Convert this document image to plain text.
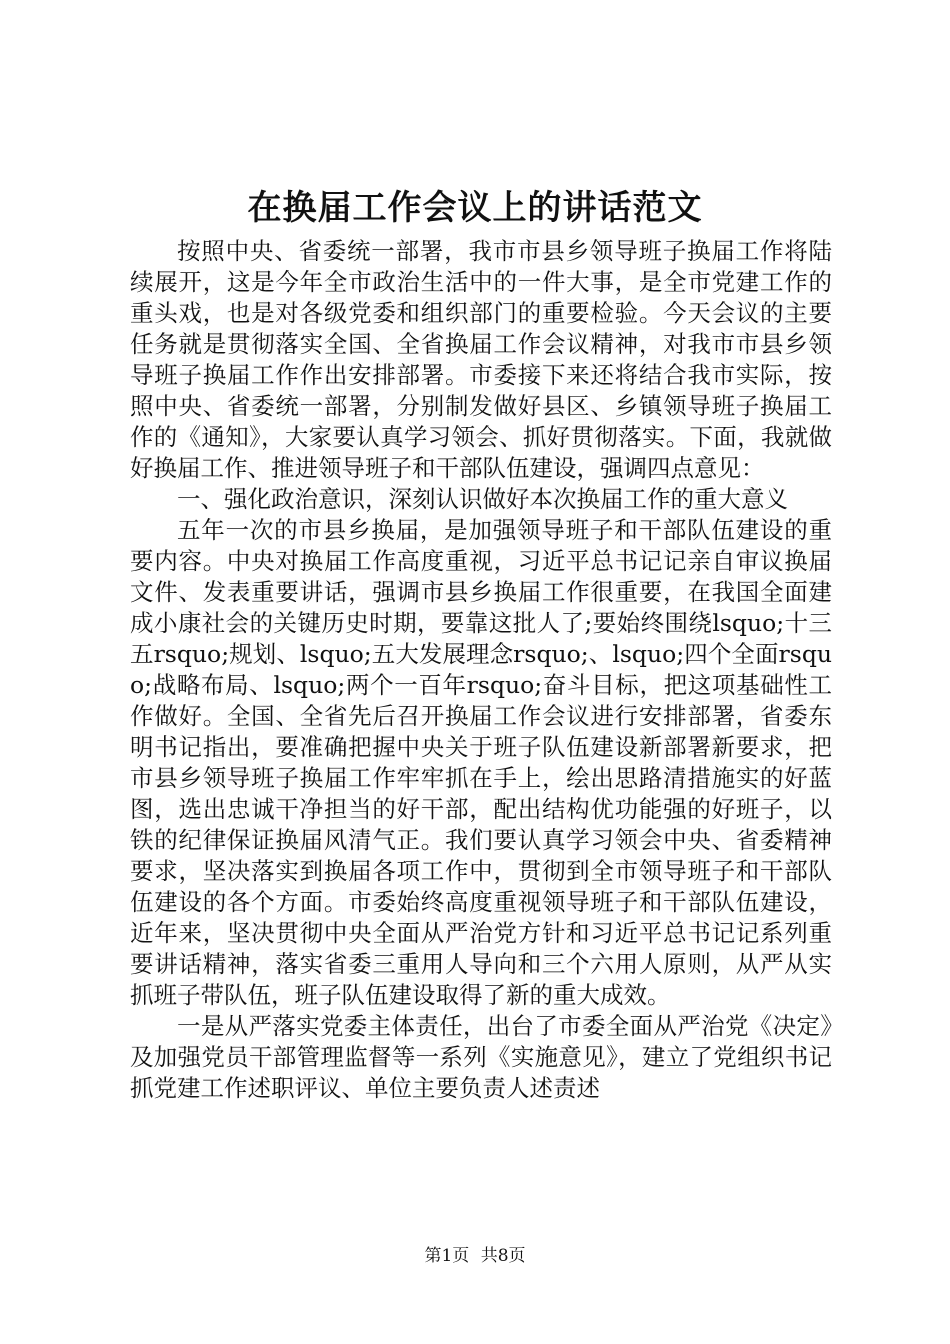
在换届工作会议上的讲话范文

按照中央、省委统一部署，我市市县乡领导班子换届工作将陆续展开，这是今年全市政治生活中的一件大事，是全市党建工作的重头戏，也是对各级党委和组织部门的重要检验。今天会议的主要任务就是贯彻落实全国、全省换届工作会议精神，对我市市县乡领导班子换届工作作出安排部署。市委接下来还将结合我市实际，按照中央、省委统一部署，分别制发做好县区、乡镇领导班子换届工作的《通知》，大家要认真学习领会、抓好贯彻落实。下面，我就做好换届工作、推进领导班子和干部队伍建设，强调四点意见：

一、强化政治意识，深刻认识做好本次换届工作的重大意义

五年一次的市县乡换届，是加强领导班子和干部队伍建设的重要内容。中央对换届工作高度重视，习近平总书记记亲自审议换届文件、发表重要讲话，强调市县乡换届工作很重要，在我国全面建成小康社会的关键历史时期，要靠这批人了;要始终围绕lsquo;十三五rsquo;规划、lsquo;五大发展理念rsquo;、lsquo;四个全面rsquo;战略布局、lsquo;两个一百年rsquo;奋斗目标，把这项基础性工作做好。全国、全省先后召开换届工作会议进行安排部署，省委东明书记指出，要准确把握中央关于班子队伍建设新部署新要求，把市县乡领导班子换届工作牢牢抓在手上，绘出思路清措施实的好蓝图，选出忠诚干净担当的好干部，配出结构优功能强的好班子，以铁的纪律保证换届风清气正。我们要认真学习领会中央、省委精神要求，坚决落实到换届各项工作中，贯彻到全市领导班子和干部队伍建设的各个方面。市委始终高度重视领导班子和干部队伍建设，近年来，坚决贯彻中央全面从严治党方针和习近平总书记记系列重要讲话精神，落实省委三重用人导向和三个六用人原则，从严从实抓班子带队伍，班子队伍建设取得了新的重大成效。

一是从严落实党委主体责任，出台了市委全面从严治党《决定》及加强党员干部管理监督等一系列《实施意见》，建立了党组织书记抓党建工作述职评议、单位主要负责人述责述

第1页 共8页
